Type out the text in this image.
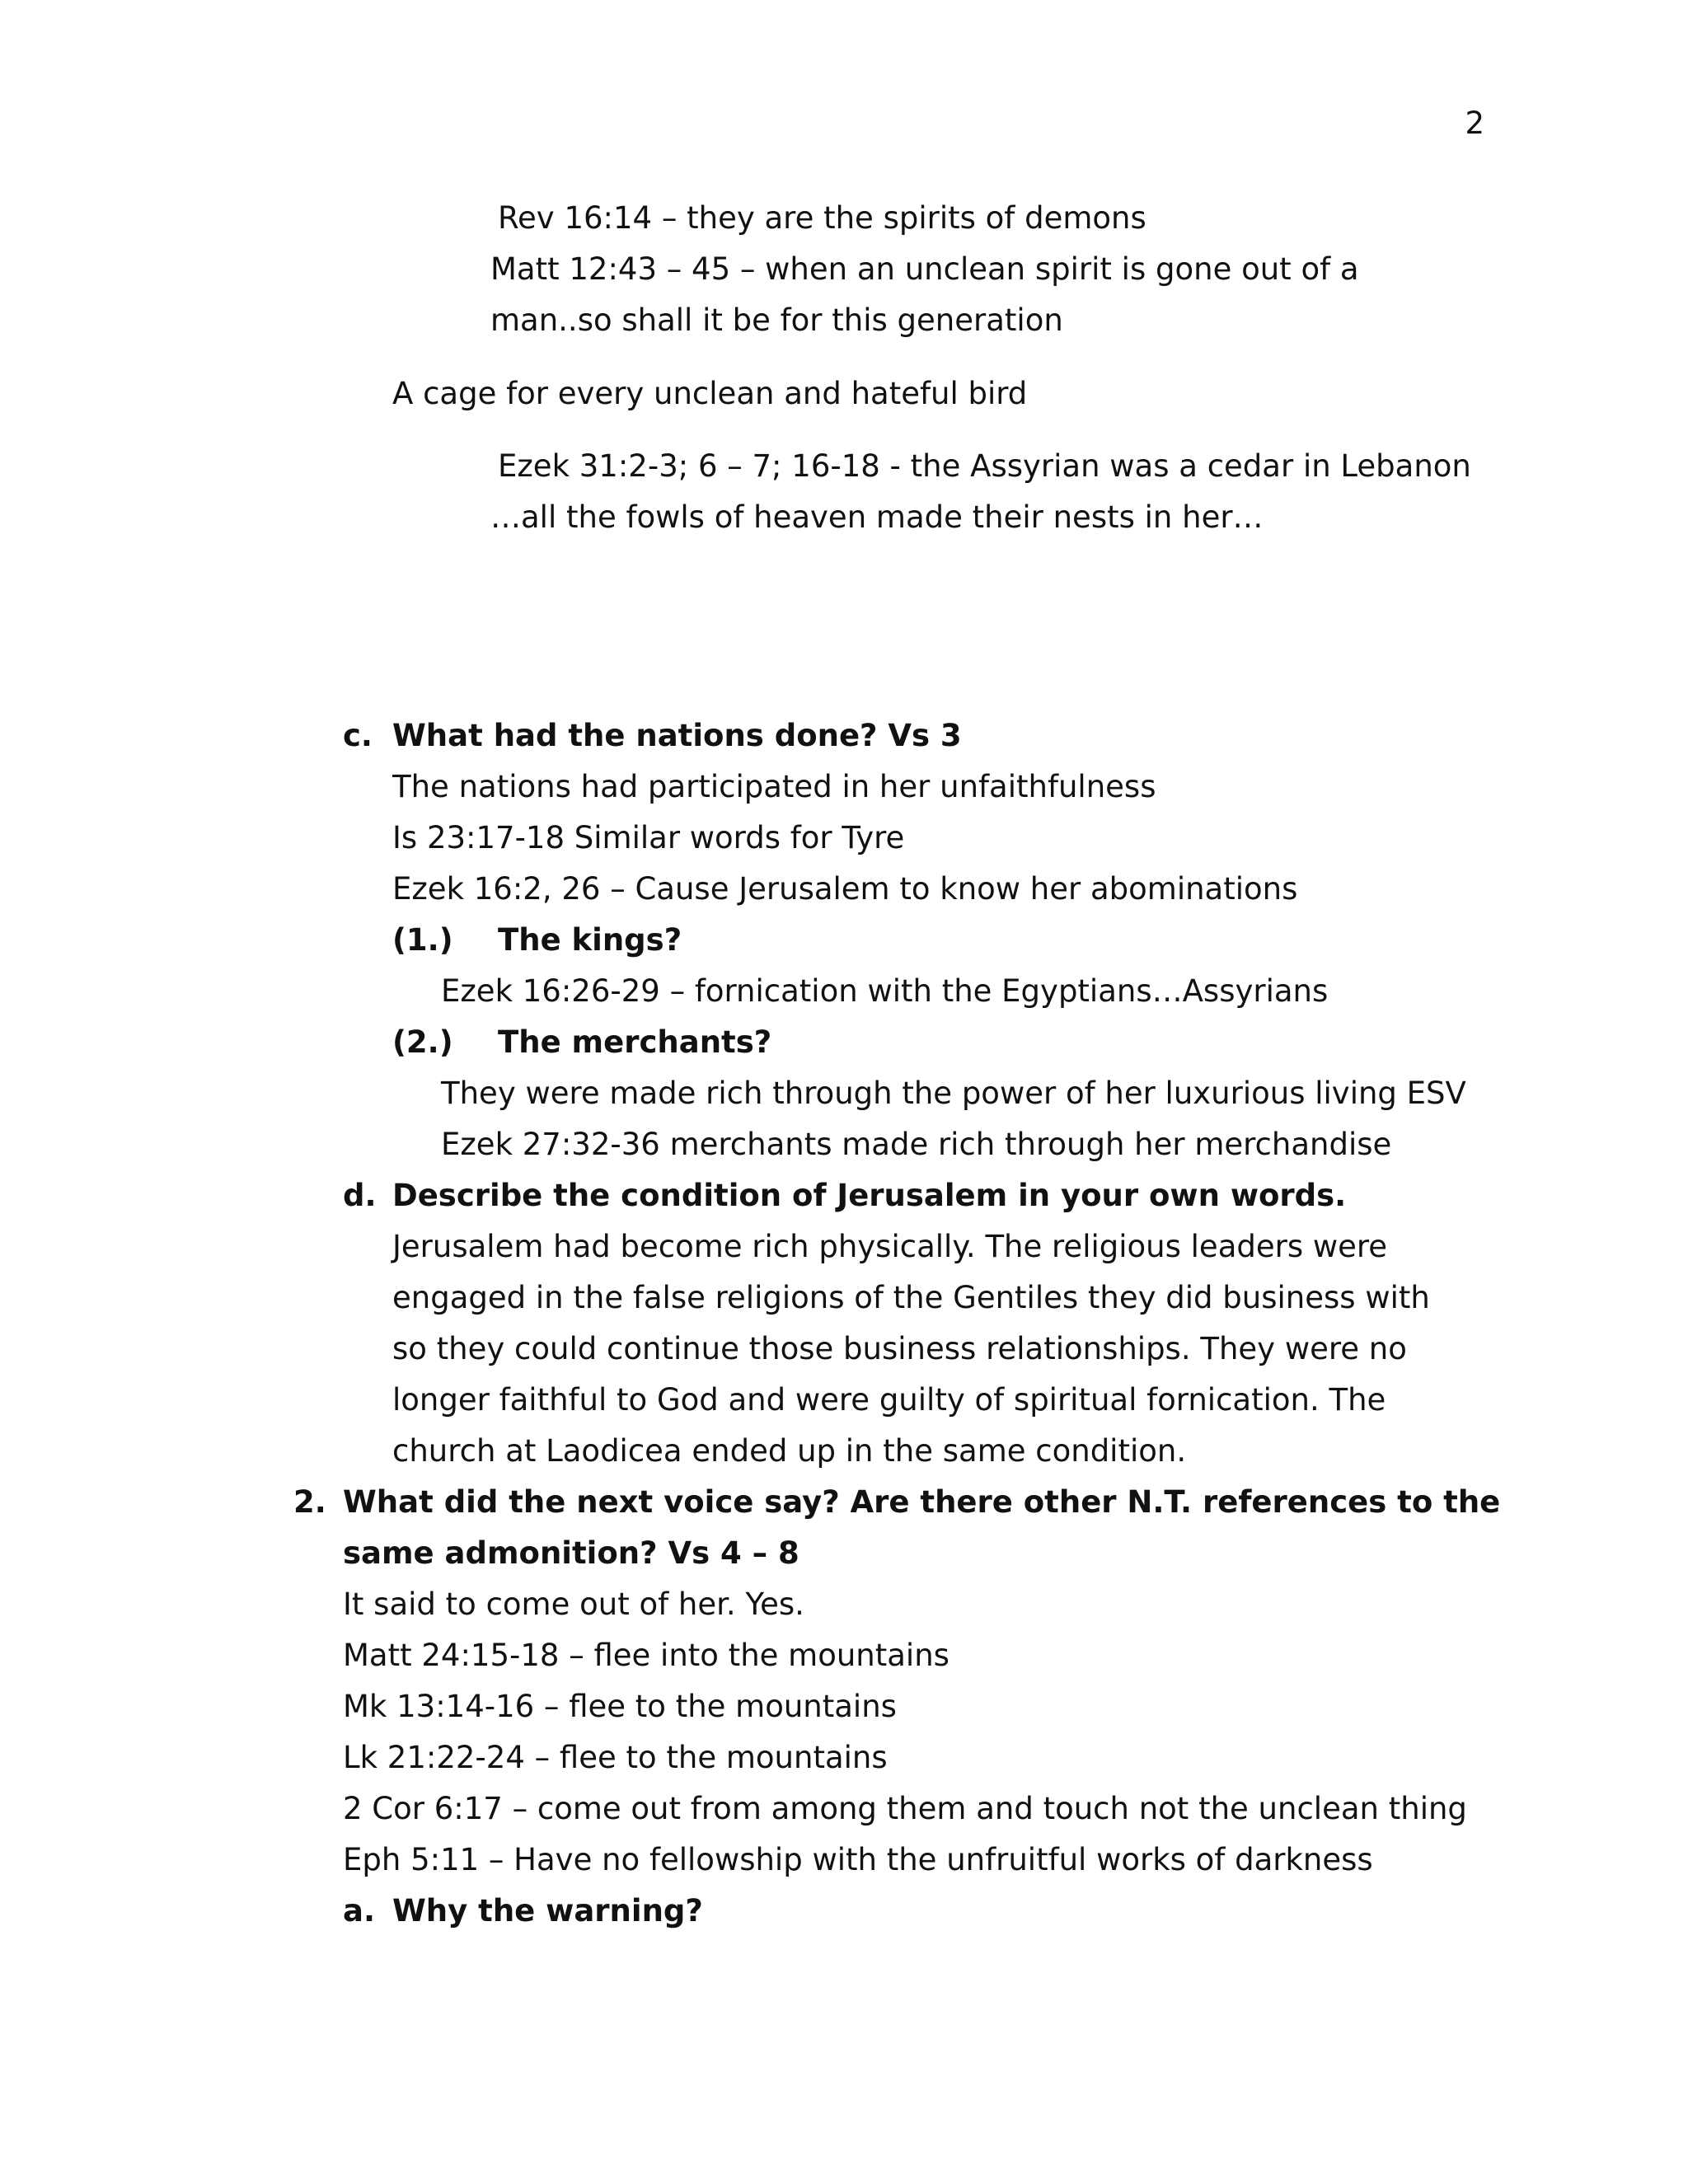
2
Rev 16:14 – they are the spirits of demons
Matt 12:43 – 45 – when an unclean spirit is gone out of a
man..so shall it be for this generation
A cage for every unclean and hateful bird
Ezek 31:2-3; 6 – 7; 16-18 - the Assyrian was a cedar in Lebanon
…all the fowls of heaven made their nests in her…
c. What had the nations done? Vs 3
The nations had participated in her unfaithfulness
Is 23:17-18 Similar words for Tyre
Ezek 16:2, 26 – Cause Jerusalem to know her abominations
(1.) The kings?
Ezek 16:26-29 – fornication with the Egyptians…Assyrians
(2.) The merchants?
They were made rich through the power of her luxurious living ESV
Ezek 27:32-36 merchants made rich through her merchandise
d. Describe the condition of Jerusalem in your own words.
Jerusalem had become rich physically. The religious leaders were
engaged in the false religions of the Gentiles they did business with
so they could continue those business relationships. They were no
longer faithful to God and were guilty of spiritual fornication. The
church at Laodicea ended up in the same condition.
2. What did the next voice say? Are there other N.T. references to the
same admonition? Vs 4 – 8
It said to come out of her. Yes.
Matt 24:15-18 – flee into the mountains
Mk 13:14-16 – flee to the mountains
Lk 21:22-24 – flee to the mountains
2 Cor 6:17 – come out from among them and touch not the unclean thing
Eph 5:11 – Have no fellowship with the unfruitful works of darkness
a. Why the warning?
